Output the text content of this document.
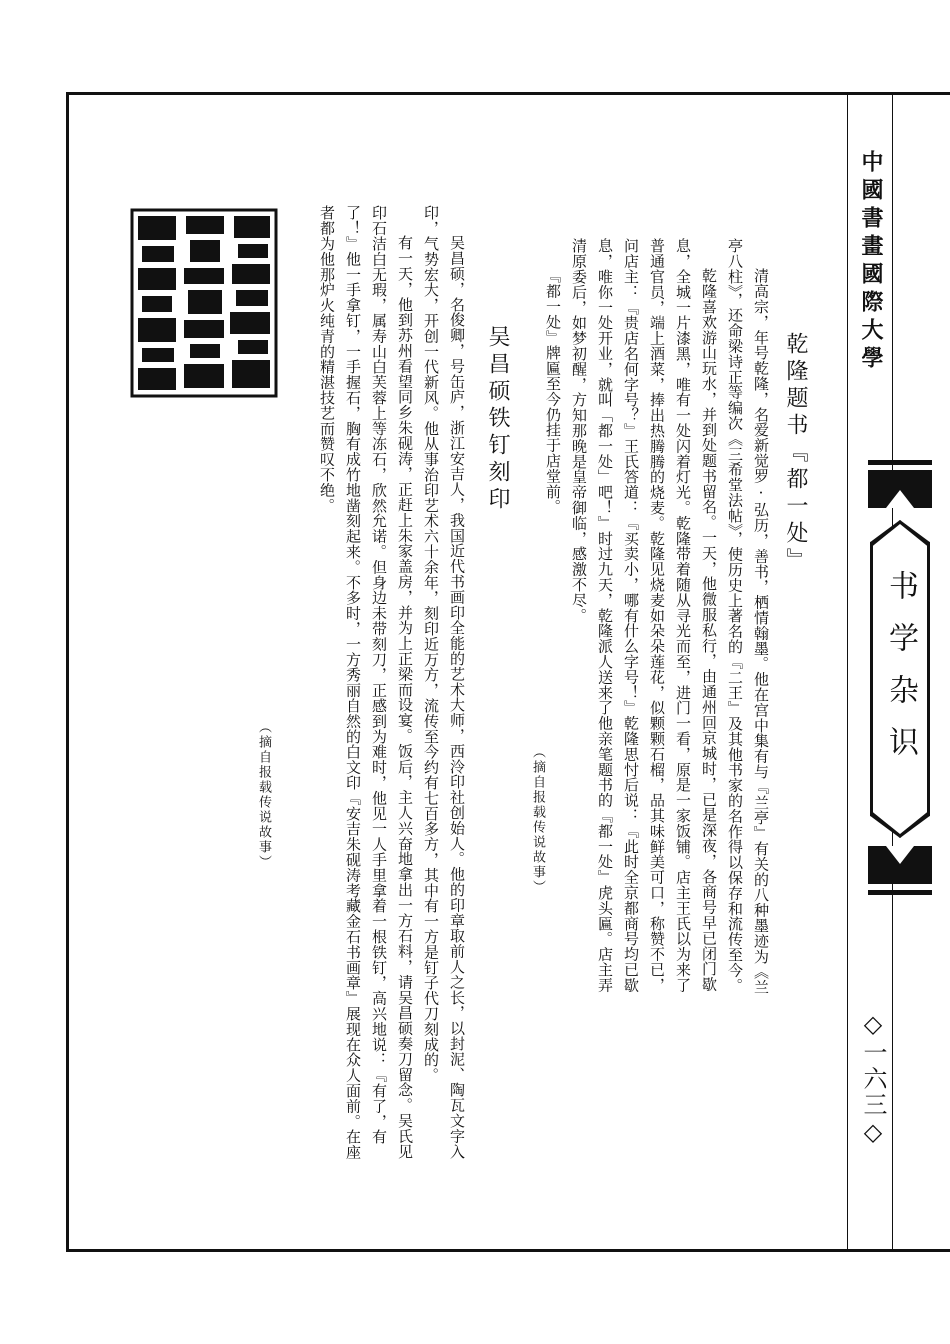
中國書畫國際大學
书学杂识
◇一六三◇
乾隆题书『都一处』

清高宗，年号乾隆，名爱新觉罗·弘历，善书，栖情翰墨。他在宫中集有与『兰亭』有关的八种墨迹为《兰亭八柱》，还命梁诗正等编次《三希堂法帖》，使历史上著名的『二王』及其他书家的名作得以保存和流传至今。

乾隆喜欢游山玩水，并到处题书留名。一天，他微服私行，由通州回京城时，已是深夜，各商号早已闭门歇息，全城一片漆黑，唯有一处闪着灯光。乾隆带着随从寻光而至，进门一看，原是一家饭铺。店主王氏以为来了普通官员，端上酒菜，捧出热腾腾的烧麦。乾隆见烧麦如朵朵莲花，似颗颗石榴，品其味鲜美可口，称赞不已，问店主：『贵店名何字号？』王氏答道：『买卖小，哪有什么字号！』乾隆思忖后说：『此时全京都商号均已歇息，唯你一处开业，就叫「都一处」吧！』时过九天，乾隆派人送来了他亲笔题书的『都一处』虎头匾。店主弄清原委后，如梦初醒，方知那晚是皇帝御临，感激不尽。

『都一处』牌匾至今仍挂于店堂前。

（摘自报载传说故事）
吴昌硕铁钉刻印

吴昌硕，名俊卿，号缶庐，浙江安吉人，我国近代书画印全能的艺术大师，西泠印社创始人。他的印章取前人之长，以封泥、陶瓦文字入印，气势宏大，开创一代新风。他从事治印艺术六十余年，刻印近万方，流传至今约有七百多方，其中有一方是钉子代刀刻成的。

有一天，他到苏州看望同乡朱砚涛，正赶上朱家盖房，并为上正梁而设宴。饭后，主人兴奋地拿出一方石料，请吴昌硕奏刀留念。吴氏见印石洁白无瑕，属寿山白芙蓉上等冻石，欣然允诺。但身边未带刻刀，正感到为难时，他见一人手里拿着一根铁钉，高兴地说：『有了，有了！』他一手拿钉，一手握石，胸有成竹地凿刻起来。不多时，一方秀丽自然的白文印『安吉朱砚涛考藏金石书画章』展现在众人面前。在座者都为他那炉火纯青的精湛技艺而赞叹不绝。

（摘自报载传说故事）
